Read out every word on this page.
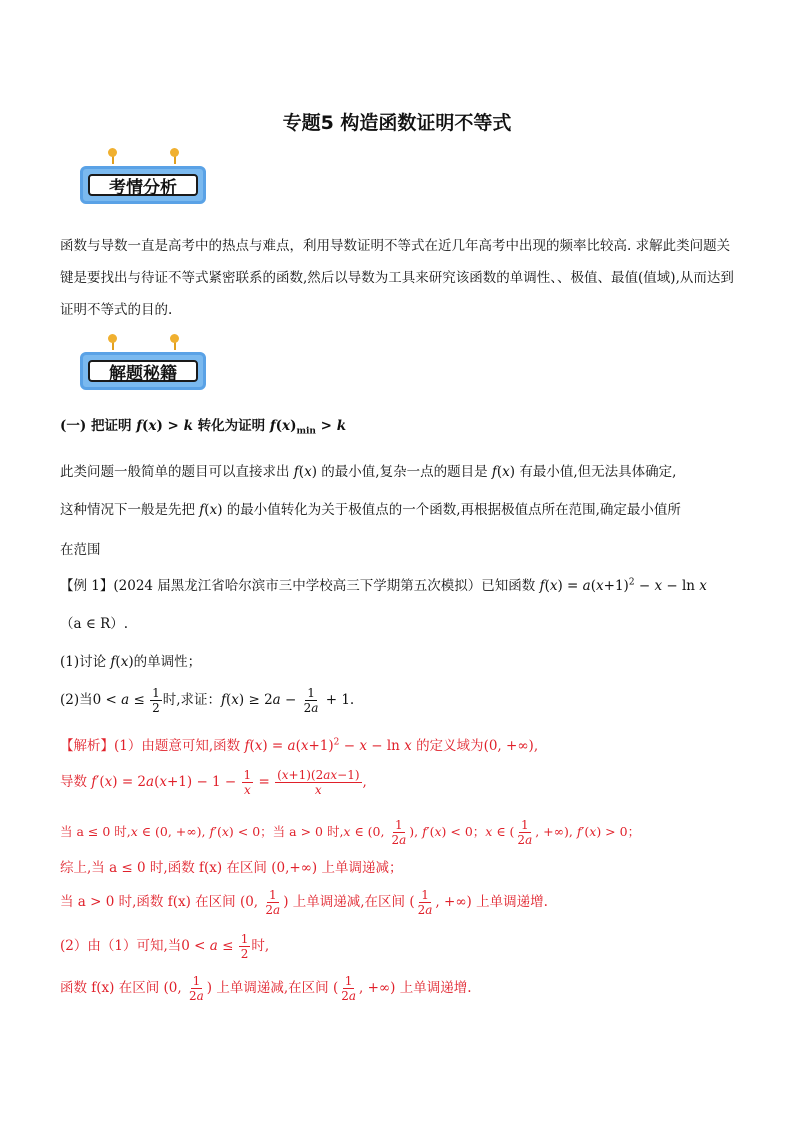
专题5 构造函数证明不等式
考情分析
函数与导数一直是高考中的热点与难点，利用导数证明不等式在近几年高考中出现的频率比较高. 求解此类问题关键是要找出与待证不等式紧密联系的函数,然后以导数为工具来研究该函数的单调性、、极值、最值(值域),从而达到证明不等式的目的.
解题秘籍
(一) 把证明 f(x) > k 转化为证明 $f(x)_{min} > k$
此类问题一般简单的题目可以直接求出 f(x) 的最小值,复杂一点的题目是 f(x) 有最小值,但无法具体确定,
这种情况下一般是先把 f(x) 的最小值转化为关于极值点的一个函数,再根据极值点所在范围,确定最小值所
在范围
【例 1】(2024 届黑龙江省哈尔滨市三中学校高三下学期第五次模拟）已知函数 $f(x) = a(x+1)^2 - x - \ln x$
（a ∈ R）.
(1)讨论 f(x)的单调性；
(2)当$0 < a \le \frac{1}{2}$ 时,求证：$f(x) \ge 2a - \frac{1}{2a} + 1$.
【解析】(1）由题意可知,函数 $f(x) = a(x+1)^2 - x - \ln x$ 的定义域为(0, +∞),
导数 $f'(x) = 2a(x+1) - 1 - \frac{1}{x} = \frac{(x+1)(2ax-1)}{x}$ ,
当 a ≤ 0 时,x ∈ (0, +∞), f′(x) < 0；当 a > 0 时,x ∈ (0, $\frac{1}{2a}$ ), f′(x) < 0；x ∈ ( $\frac{1}{2a}$ , +∞), f′(x) > 0；
综上,当 a ≤ 0 时,函数 f(x) 在区间 (0,+∞) 上单调递减；
当 a > 0 时,函数 f(x) 在区间 (0, $\frac{1}{2a}$ ) 上单调递减,在区间 ( $\frac{1}{2a}$ , +∞) 上单调递增.
(2）由（1）可知,当$0 < a \le \frac{1}{2}$ 时,
函数 f(x) 在区间 (0, $\frac{1}{2a}$ ) 上单调递减,在区间 ( $\frac{1}{2a}$ , +∞) 上单调递增.
